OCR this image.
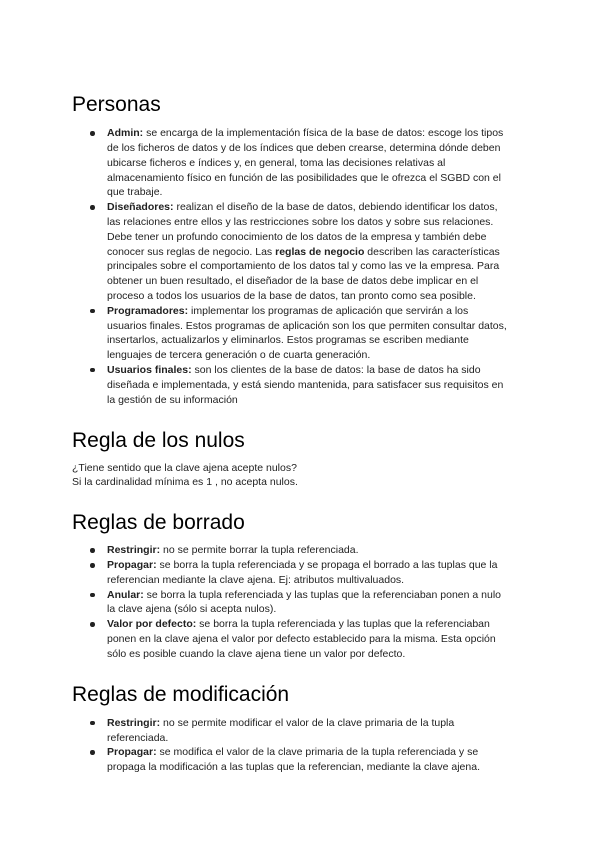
Personas
Admin: se encarga de la implementación física de la base de datos: escoge los tipos de los ficheros de datos y de los índices que deben crearse, determina dónde deben ubicarse ficheros e índices y, en general, toma las decisiones relativas al almacenamiento físico en función de las posibilidades que le ofrezca el SGBD con el que trabaje.
Diseñadores: realizan el diseño de la base de datos, debiendo identificar los datos, las relaciones entre ellos y las restricciones sobre los datos y sobre sus relaciones. Debe tener un profundo conocimiento de los datos de la empresa y también debe conocer sus reglas de negocio. Las reglas de negocio describen las características principales sobre el comportamiento de los datos tal y como las ve la empresa. Para obtener un buen resultado, el diseñador de la base de datos debe implicar en el proceso a todos los usuarios de la base de datos, tan pronto como sea posible.
Programadores: implementar los programas de aplicación que servirán a los usuarios finales. Estos programas de aplicación son los que permiten consultar datos, insertarlos, actualizarlos y eliminarlos. Estos programas se escriben mediante lenguajes de tercera generación o de cuarta generación.
Usuarios finales: son los clientes de la base de datos: la base de datos ha sido diseñada e implementada, y está siendo mantenida, para satisfacer sus requisitos en la gestión de su información
Regla de los nulos

¿Tiene sentido que la clave ajena acepte nulos?

Si la cardinalidad mínima es 1 , no acepta nulos.

Reglas de borrado
Restringir: no se permite borrar la tupla referenciada.
Propagar: se borra la tupla referenciada y se propaga el borrado a las tuplas que la referencian mediante la clave ajena. Ej: atributos multivaluados.
Anular: se borra la tupla referenciada y las tuplas que la referenciaban ponen a nulo la clave ajena (sólo si acepta nulos).
Valor por defecto: se borra la tupla referenciada y las tuplas que la referenciaban ponen en la clave ajena el valor por defecto establecido para la misma. Esta opción sólo es posible cuando la clave ajena tiene un valor por defecto.
Reglas de modificación
Restringir: no se permite modificar el valor de la clave primaria de la tupla referenciada.
Propagar: se modifica el valor de la clave primaria de la tupla referenciada y se propaga la modificación a las tuplas que la referencian, mediante la clave ajena.
